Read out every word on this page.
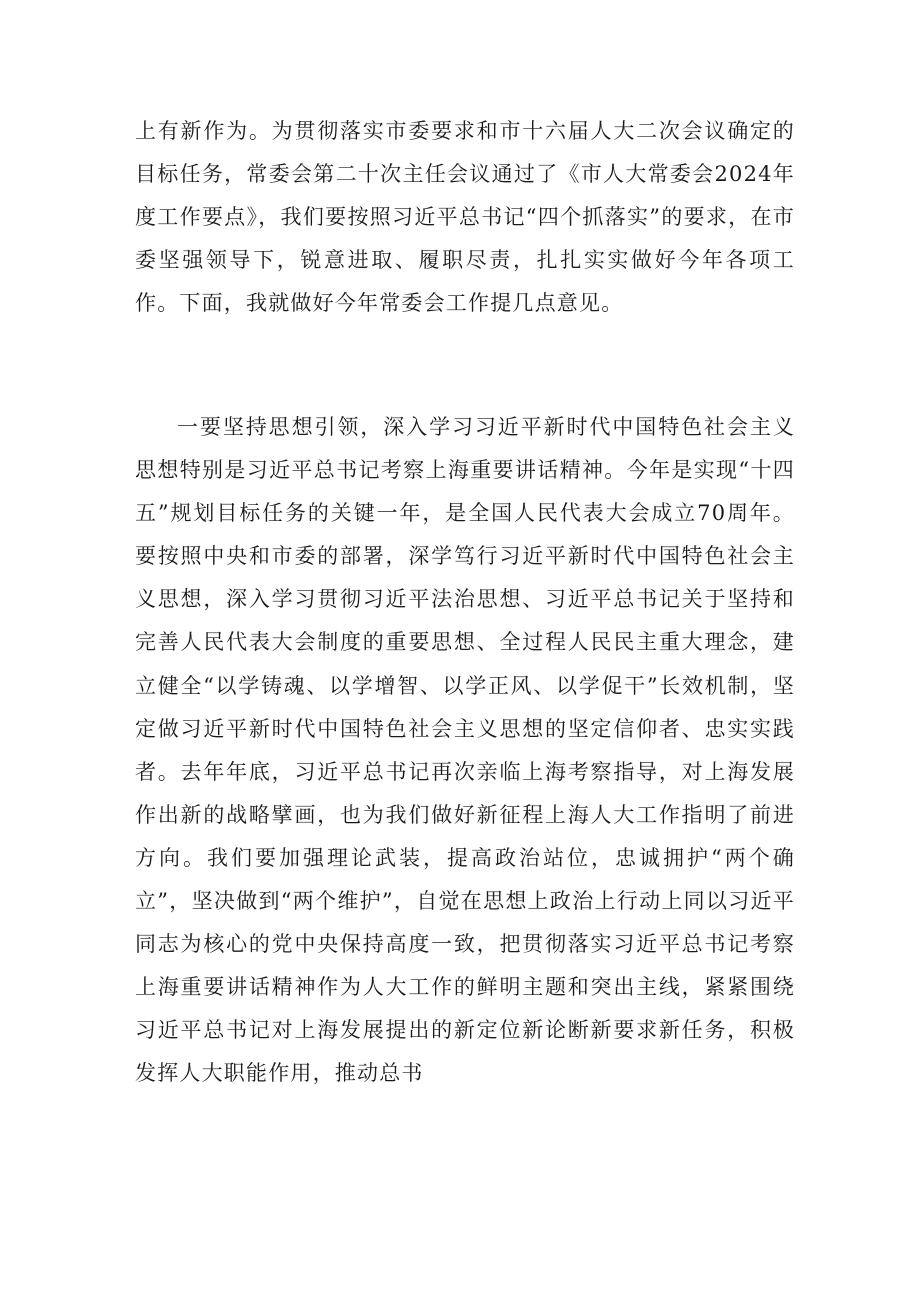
上有新作为。为贯彻落实市委要求和市十六届人大二次会议确定的目标任务，常委会第二十次主任会议通过了《市人大常委会2024年度工作要点》，我们要按照习近平总书记“四个抓落实”的要求，在市委坚强领导下，锐意进取、履职尽责，扎扎实实做好今年各项工作。下面，我就做好今年常委会工作提几点意见。

一要坚持思想引领，深入学习习近平新时代中国特色社会主义思想特别是习近平总书记考察上海重要讲话精神。今年是实现“十四五”规划目标任务的关键一年，是全国人民代表大会成立70周年。要按照中央和市委的部署，深学笃行习近平新时代中国特色社会主义思想，深入学习贯彻习近平法治思想、习近平总书记关于坚持和完善人民代表大会制度的重要思想、全过程人民民主重大理念，建立健全“以学铸魂、以学增智、以学正风、以学促干”长效机制，坚定做习近平新时代中国特色社会主义思想的坚定信仰者、忠实实践者。去年年底，习近平总书记再次亲临上海考察指导，对上海发展作出新的战略擘画，也为我们做好新征程上海人大工作指明了前进方向。我们要加强理论武装，提高政治站位，忠诚拥护“两个确立”，坚决做到“两个维护”，自觉在思想上政治上行动上同以习近平同志为核心的党中央保持高度一致，把贯彻落实习近平总书记考察上海重要讲话精神作为人大工作的鲜明主题和突出主线，紧紧围绕习近平总书记对上海发展提出的新定位新论断新要求新任务，积极发挥人大职能作用，推动总书
